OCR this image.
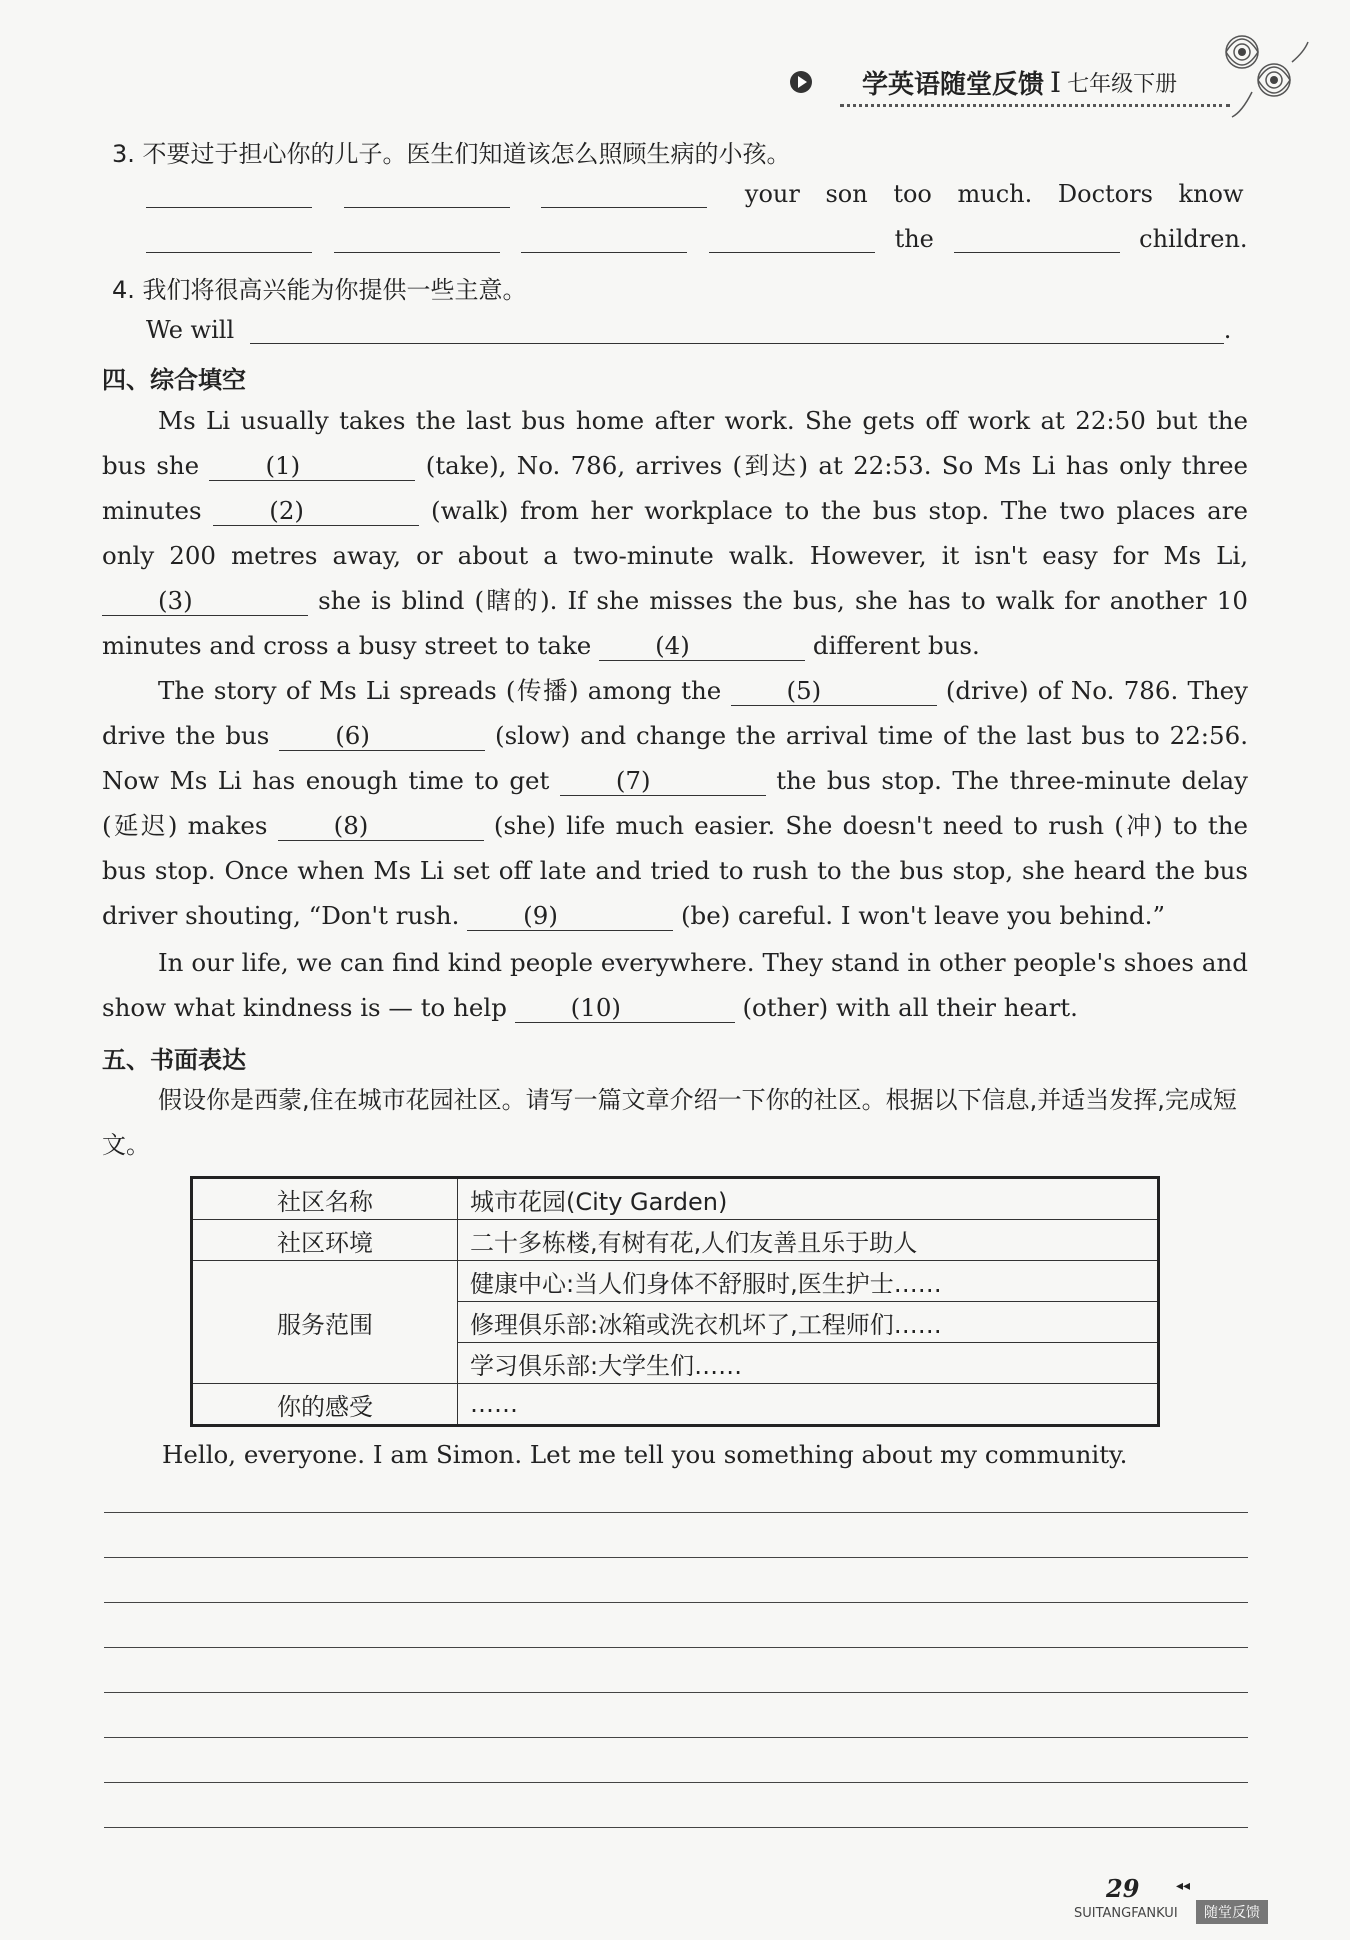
学英语随堂反馈 I 七年级下册
3. 不要过于担心你的儿子。医生们知道该怎么照顾生病的小孩。
your son too much. Doctors know
the	children.
4. 我们将很高兴能为你提供一些主意。
We will	.
四、综合填空
Ms Li usually takes the last bus home after work. She gets off work at 22:50 but the bus she	(1)	(take), No. 786, arrives (到达) at 22:53. So Ms Li has only three minutes	(2)	(walk) from her workplace to the bus stop. The two places are only 200 metres away, or about a two-minute walk. However, it isn't easy for Ms Li, (3)	she is blind (瞎的). If she misses the bus, she has to walk for another 10 minutes and cross a busy street to take	(4)	different bus.
The story of Ms Li spreads (传播) among the	(5)	(drive) of No. 786. They drive the bus	(6)	(slow) and change the arrival time of the last bus to 22:56. Now Ms Li has enough time to get	(7)	the bus stop. The three-minute delay (延迟) makes	(8)	(she) life much easier. She doesn't need to rush (冲) to the bus stop. Once when Ms Li set off late and tried to rush to the bus stop, she heard the bus driver shouting, “Don't rush.	(9)	(be) careful. I won't leave you behind.”
In our life, we can find kind people everywhere. They stand in other people's shoes and show what kindness is — to help	(10)	(other) with all their heart.
五、书面表达
假设你是西蒙,住在城市花园社区。请写一篇文章介绍一下你的社区。根据以下信息,并适当发挥,完成短文。
社区名称	城市花园(City Garden)
社区环境	二十多栋楼,有树有花,人们友善且乐于助人
服务范围	健康中心:当人们身体不舒服时,医生护士……
	修理俱乐部:冰箱或洗衣机坏了,工程师们……
	学习俱乐部:大学生们……
你的感受	……
Hello, everyone. I am Simon. Let me tell you something about my community.
29	◂◂
SUITANGFANKUI	随堂反馈
